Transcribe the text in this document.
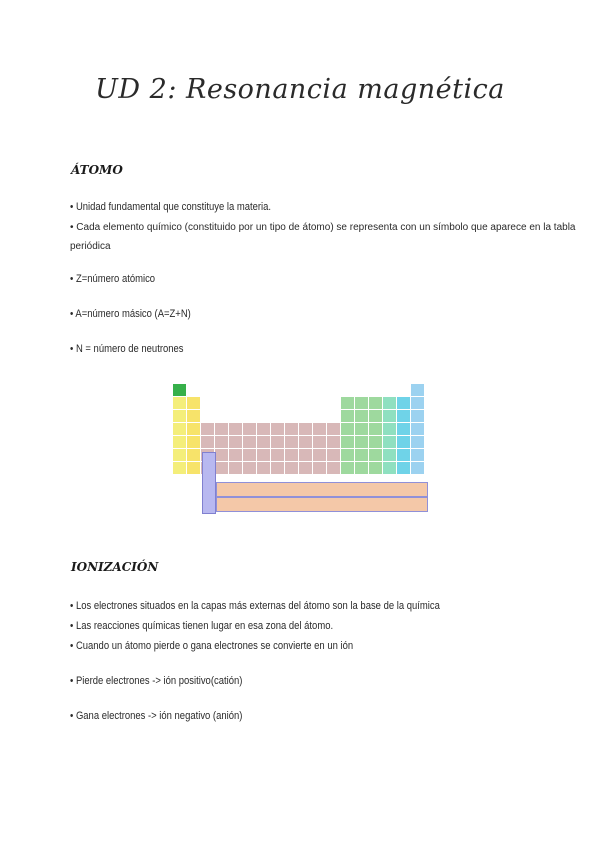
UD 2: Resonancia magnética
ÁTOMO

• Unidad fundamental que constituye la materia.

• Cada elemento químico (constituido por un tipo de átomo) se representa con un símbolo que aparece en la tabla periódica

• Z=número atómico

• A=número másico (A=Z+N)

• N = número de neutrones

IONIZACIÓN

• Los electrones situados en la capas más externas del átomo son la base de la química

• Las reacciones químicas tienen lugar en esa zona del átomo.

• Cuando un átomo pierde o gana electrones se convierte en un ión

• Pierde electrones -> ión positivo(catión)

• Gana electrones -> ión negativo (anión)
